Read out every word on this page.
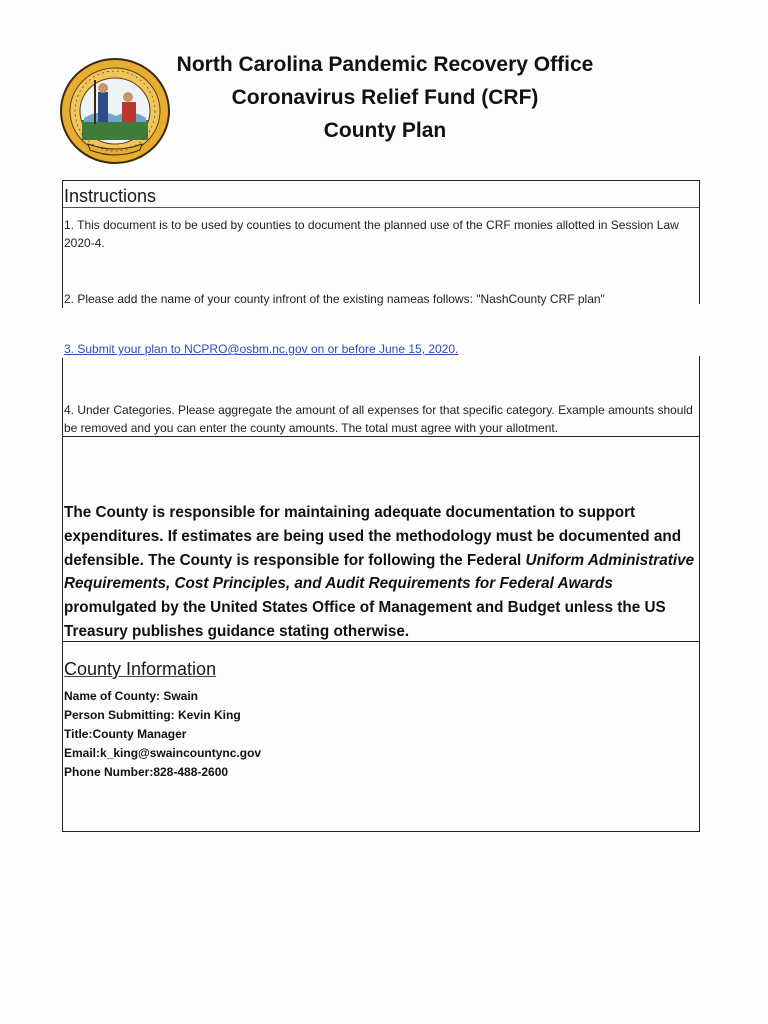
North Carolina Pandemic Recovery Office
Coronavirus Relief Fund (CRF)
County Plan
Instructions
1. This document is to be used by counties to document the planned use of the CRF monies allotted in Session Law 2020-4.
2. Please add the name of your county infront of the existing nameas follows: "NashCounty CRF plan"
3. Submit your plan to NCPRO@osbm.nc.gov on or before June 15, 2020.
4. Under Categories. Please aggregate the amount of all expenses for that specific category. Example amounts should be removed and you can enter the county amounts. The total must agree with your allotment.
The County is responsible for maintaining adequate documentation to support expenditures. If estimates are being used the methodology must be documented and defensible. The County is responsible for following the Federal Uniform Administrative Requirements, Cost Principles, and Audit Requirements for Federal Awards promulgated by the United States Office of Management and Budget unless the US Treasury publishes guidance stating otherwise.
County Information
Name of County: Swain
Person Submitting: Kevin King
Title:County Manager
Email:k_king@swaincountync.gov
Phone Number:828-488-2600
